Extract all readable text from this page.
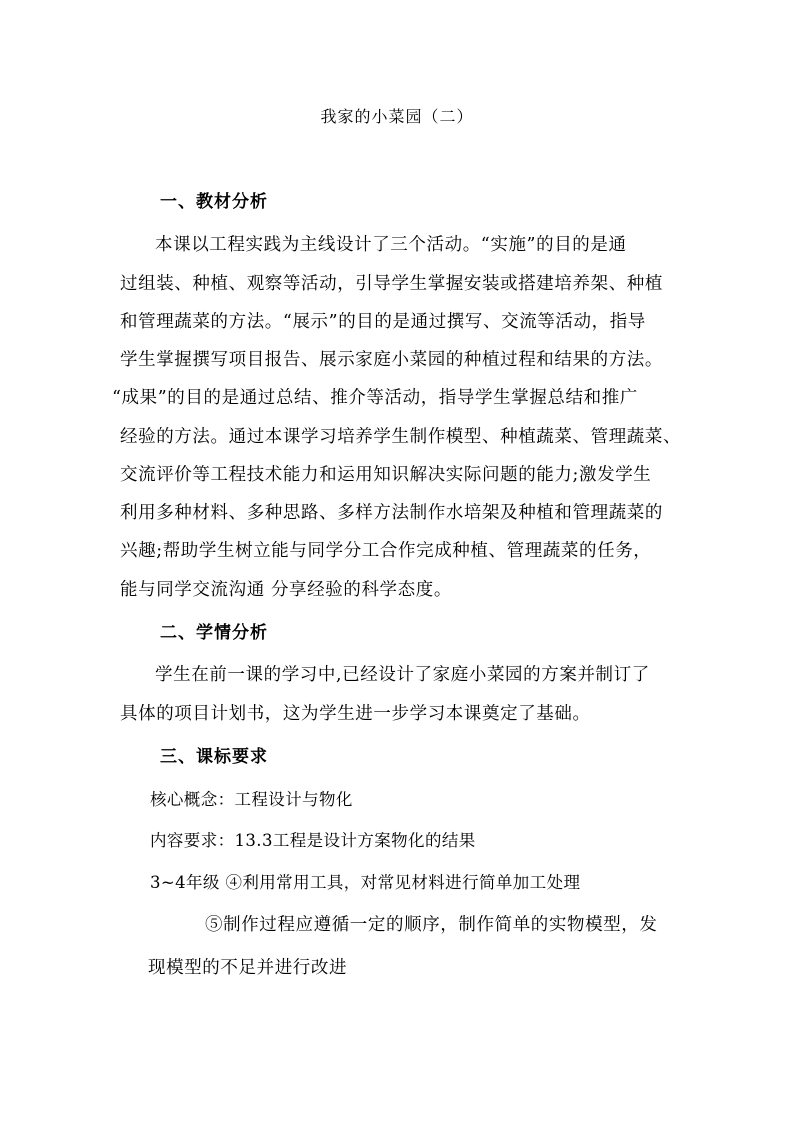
我家的小菜园（二）
一、教材分析
本课以工程实践为主线设计了三个活动。“实施”的目的是通
过组装、种植、观察等活动，引导学生掌握安装或搭建培养架、种植
和管理蔬菜的方法。“展示”的目的是通过撰写、交流等活动，指导
学生掌握撰写项目报告、展示家庭小菜园的种植过程和结果的方法。
“成果”的目的是通过总结、推介等活动，指导学生掌握总结和推广
经验的方法。通过本课学习培养学生制作模型、种植蔬菜、管理蔬菜、
交流评价等工程技术能力和运用知识解决实际问题的能力;激发学生
利用多种材料、多种思路、多样方法制作水培架及种植和管理蔬菜的
兴趣;帮助学生树立能与同学分工合作完成种植、管理蔬菜的任务，
能与同学交流沟通 分享经验的科学态度。
二、学情分析
学生在前一课的学习中,已经设计了家庭小菜园的方案并制订了
具体的项目计划书，这为学生进一步学习本课奠定了基础。
三、课标要求
核心概念：工程设计与物化
内容要求：13.3工程是设计方案物化的结果
3~4年级 ④利用常用工具，对常见材料进行简单加工处理
⑤制作过程应遵循一定的顺序，制作简单的实物模型，发
现模型的不足并进行改进
